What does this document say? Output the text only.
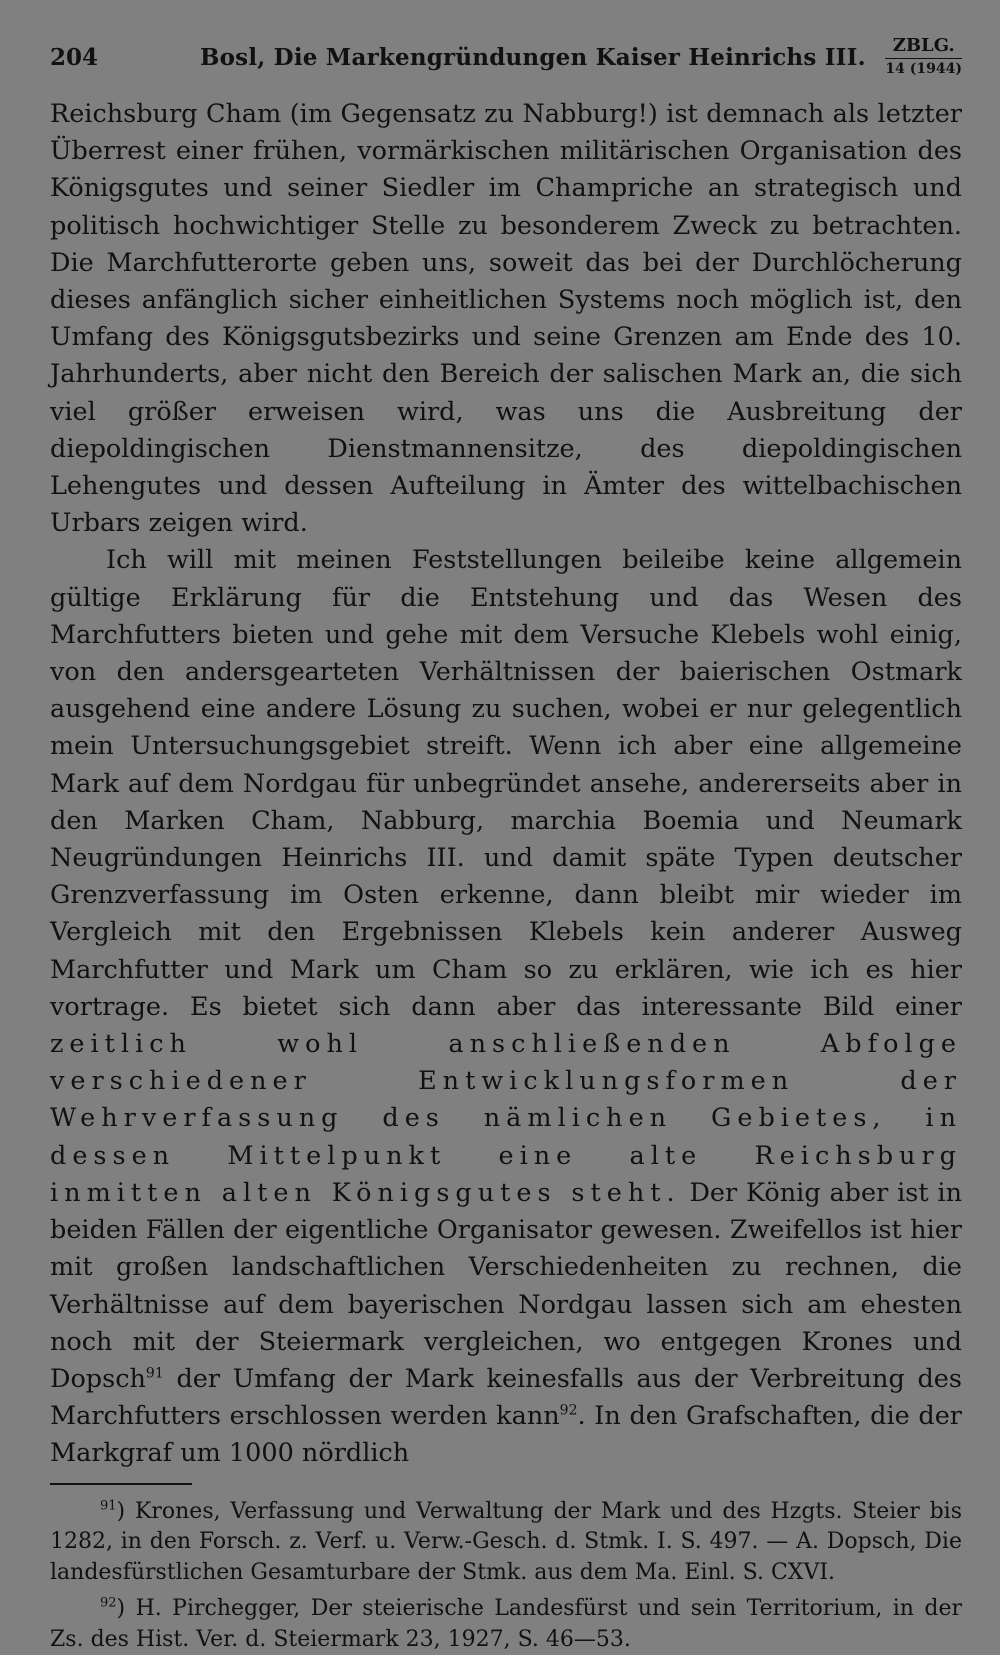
204	Bosl, Die Markengründungen Kaiser Heinrichs III.	ZBLG.
14 (1944)

Reichsburg Cham (im Gegensatz zu Nabburg!) ist demnach als letzter Überrest einer frühen, vormärkischen militärischen Organisation des Königsgutes und seiner Siedler im Champriche an strategisch und politisch hochwichtiger Stelle zu besonderem Zweck zu betrachten. Die Marchfutterorte geben uns, soweit das bei der Durchlöcherung dieses anfänglich sicher einheitlichen Systems noch möglich ist, den Umfang des Königsgutsbezirks und seine Grenzen am Ende des 10. Jahrhunderts, aber nicht den Bereich der salischen Mark an, die sich viel größer erweisen wird, was uns die Ausbreitung der diepoldingischen Dienstmannensitze, des diepoldingischen Lehengutes und dessen Aufteilung in Ämter des wittelbachischen Urbars zeigen wird.

Ich will mit meinen Feststellungen beileibe keine allgemein gültige Erklärung für die Entstehung und das Wesen des Marchfutters bieten und gehe mit dem Versuche Klebels wohl einig, von den andersgearteten Verhältnissen der baierischen Ostmark ausgehend eine andere Lösung zu suchen, wobei er nur gelegentlich mein Untersuchungsgebiet streift. Wenn ich aber eine allgemeine Mark auf dem Nordgau für unbegründet ansehe, andererseits aber in den Marken Cham, Nabburg, marchia Boemia und Neumark Neugründungen Heinrichs III. und damit späte Typen deutscher Grenzverfassung im Osten erkenne, dann bleibt mir wieder im Vergleich mit den Ergebnissen Klebels kein anderer Ausweg Marchfutter und Mark um Cham so zu erklären, wie ich es hier vortrage. Es bietet sich dann aber das interessante Bild einer zeitlich wohl anschließenden Abfolge verschiedener Entwicklungsformen der Wehrverfassung des nämlichen Gebietes, in dessen Mittelpunkt eine alte Reichsburg inmitten alten Königsgutes steht. Der König aber ist in beiden Fällen der eigentliche Organisator gewesen. Zweifellos ist hier mit großen landschaftlichen Verschiedenheiten zu rechnen, die Verhältnisse auf dem bayerischen Nordgau lassen sich am ehesten noch mit der Steiermark vergleichen, wo entgegen Krones und Dopsch$^{91}$ der Umfang der Mark keinesfalls aus der Verbreitung des Marchfutters erschlossen werden kann$^{92}$. In den Grafschaften, die der Markgraf um 1000 nördlich

$^{91}$) Krones, Verfassung und Verwaltung der Mark und des Hzgts. Steier bis 1282, in den Forsch. z. Verf. u. Verw.-Gesch. d. Stmk. I. S. 497. — A. Dopsch, Die landesfürstlichen Gesamturbare der Stmk. aus dem Ma. Einl. S. CXVI.

$^{92}$) H. Pirchegger, Der steierische Landesfürst und sein Territorium, in der Zs. des Hist. Ver. d. Steiermark 23, 1927, S. 46—53.
